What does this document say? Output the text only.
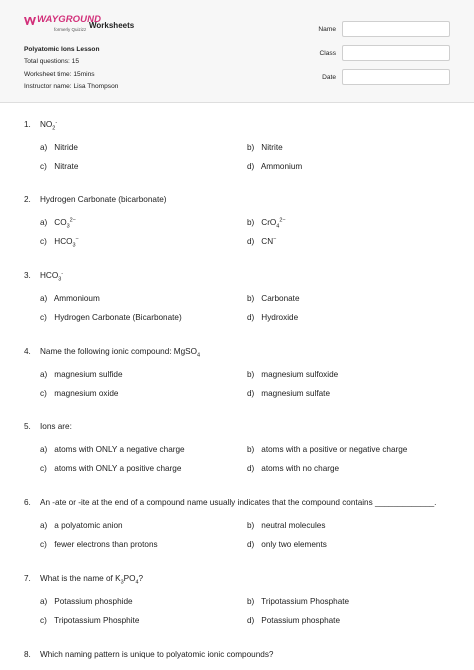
WAYGROUND
formerly Quizizz Worksheets
Polyatomic Ions Lesson
Total questions: 15
Worksheet time: 15mins
Instructor name: Lisa Thompson
Name
Class
Date
1. $NO_2^-$
a) Nitride	b) Nitrite
c) Nitrate	d) Ammonium
2. Hydrogen Carbonate (bicarbonate)
a) $CO_3^{2-}$	b) CrO$_4^{2-}$
c) $HCO_3^-$	d) CN−
3. $HCO_3^-$
a) Ammonioum	b) Carbonate
c) Hydrogen Carbonate (Bicarbonate)	d) Hydroxide
4. Name the following ionic compound: MgSO$_4$
a) magnesium sulfide	b) magnesium sulfoxide
c) magnesium oxide	d) magnesium sulfate
5. Ions are:
a) atoms with ONLY a negative charge	b) atoms with a positive or negative charge
c) atoms with ONLY a positive charge	d) atoms with no charge
6. An -ate or -ite at the end of a compound name usually indicates that the compound contains _____________.
a) a polyatomic anion	b) neutral molecules
c) fewer electrons than protons	d) only two elements
7. What is the name of $K_3PO_4$?
a) Potassium phosphide	b) Tripotassium Phosphate
c) Tripotassium Phosphite	d) Potassium phosphate
8. Which naming pattern is unique to polyatomic ionic compounds?
